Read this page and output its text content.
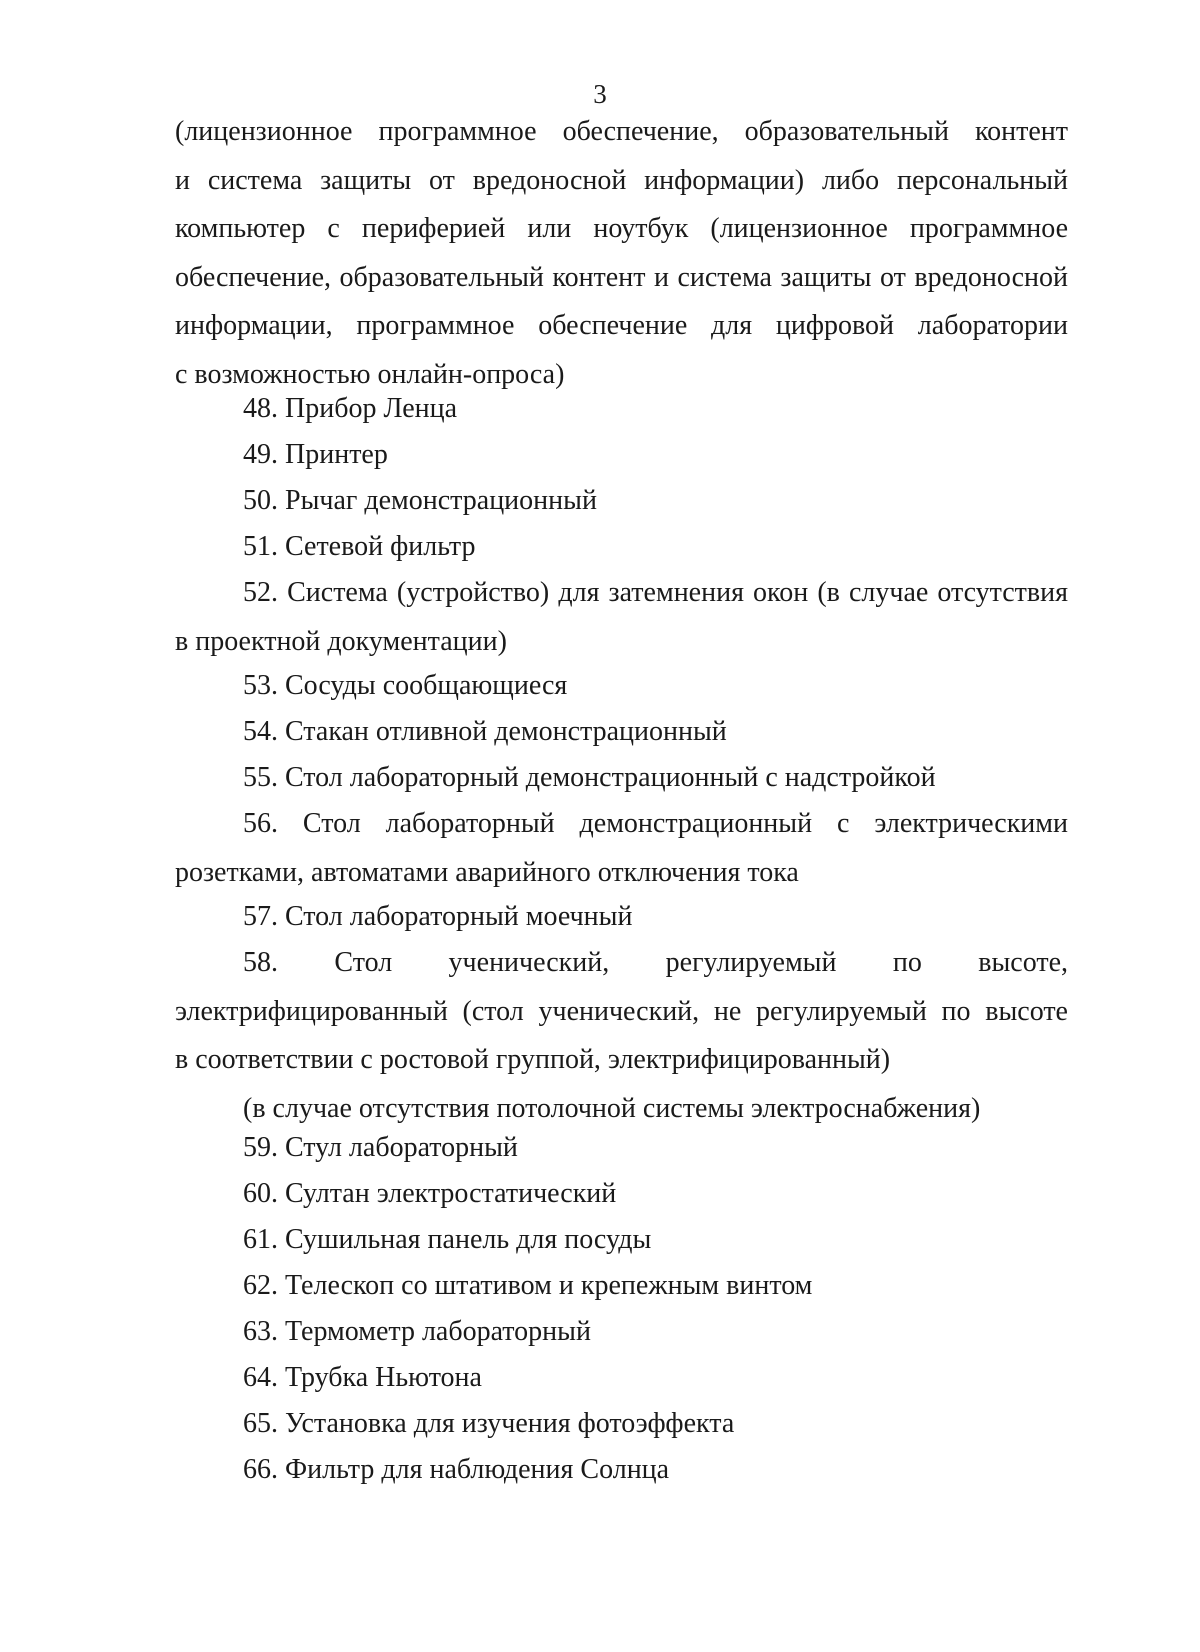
3
(лицензионное программное обеспечение, образовательный контент
и система защиты от вредоносной информации) либо персональный
компьютер с периферией или ноутбук (лицензионное программное
обеспечение, образовательный контент и система защиты от вредоносной
информации, программное обеспечение для цифровой лаборатории
с возможностью онлайн-опроса)
48. Прибор Ленца
49. Принтер
50. Рычаг демонстрационный
51. Сетевой фильтр
52. Система (устройство) для затемнения окон (в случае отсутствия
в проектной документации)
53. Сосуды сообщающиеся
54. Стакан отливной демонстрационный
55. Стол лабораторный демонстрационный с надстройкой
56. Стол лабораторный демонстрационный с электрическими
розетками, автоматами аварийного отключения тока
57. Стол лабораторный моечный
58. Стол ученический, регулируемый по высоте,
электрифицированный (стол ученический, не регулируемый по высоте
в соответствии с ростовой группой, электрифицированный)
(в случае отсутствия потолочной системы электроснабжения)
59. Стул лабораторный
60. Султан электростатический
61. Сушильная панель для посуды
62. Телескоп со штативом и крепежным винтом
63. Термометр лабораторный
64. Трубка Ньютона
65. Установка для изучения фотоэффекта
66. Фильтр для наблюдения Солнца
